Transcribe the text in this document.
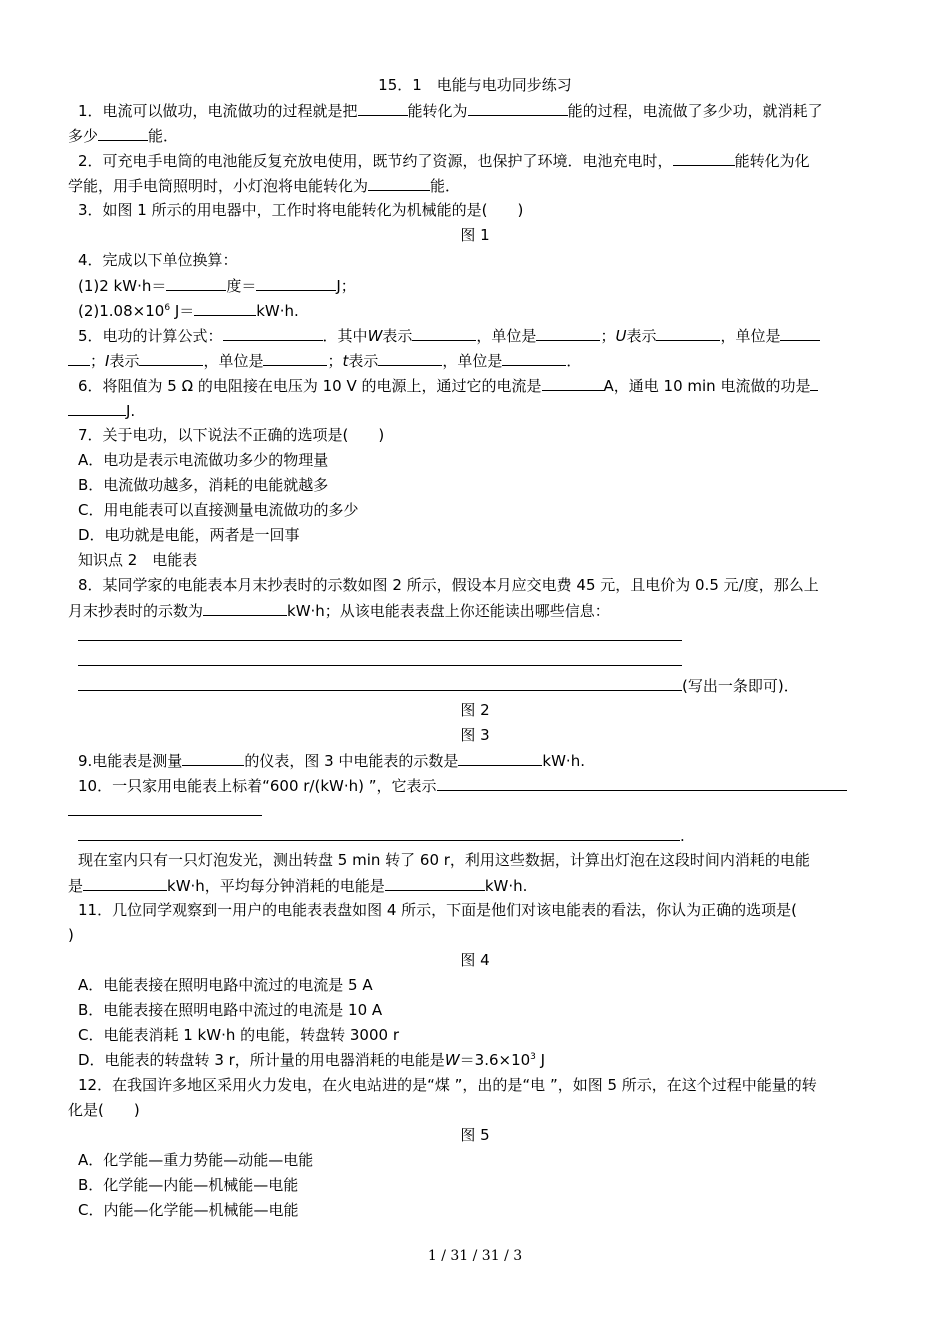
15．1　电能与电功同步练习
1．电流可以做功，电流做功的过程就是把	能转化为	能的过程，电流做了多少功，就消耗了
多少	能．
2．可充电手电筒的电池能反复充放电使用，既节约了资源，也保护了环境．电池充电时，	能转化为化
学能，用手电筒照明时，小灯泡将电能转化为	能．
3．如图 1 所示的用电器中，工作时将电能转化为机械能的是(　　)
图 1
4．完成以下单位换算：
(1)2 kW·h＝	度＝	J；
$(2)1.08\times 10^6$ J＝	kW·h.
5．电功的计算公式：	．其中W表示	，单位是	；U表示	，单位是
；I表示	，单位是	；t表示	，单位是	．
6．将阻值为 5 Ω 的电阻接在电压为 10 V 的电源上，通过它的电流是	A，通电 10 min 电流做的功是
J.
7．关于电功，以下说法不正确的选项是(　　)
A．电功是表示电流做功多少的物理量
B．电流做功越多，消耗的电能就越多
C．用电能表可以直接测量电流做功的多少
D．电功就是电能，两者是一回事
知识点 2　电能表
8．某同学家的电能表本月末抄表时的示数如图 2 所示，假设本月应交电费 45 元，且电价为 0.5 元/度，那么上
月末抄表时的示数为	kW·h；从该电能表表盘上你还能读出哪些信息：
(写出一条即可)．
图 2
图 3
9.电能表是测量	的仪表，图 3 中电能表的示数是	kW·h.
10．一只家用电能表上标着“600 r/(kW·h) ”，它表示
.
现在室内只有一只灯泡发光，测出转盘 5 min 转了 60 r，利用这些数据，计算出灯泡在这段时间内消耗的电能
是	kW·h，平均每分钟消耗的电能是	kW·h.
11．几位同学观察到一用户的电能表表盘如图 4 所示，下面是他们对该电能表的看法，你认为正确的选项是(
)
图 4
A．电能表接在照明电路中流过的电流是 5 A
B．电能表接在照明电路中流过的电流是 10 A
C．电能表消耗 1 kW·h 的电能，转盘转 3000 r
D．电能表的转盘转 3 r，所计量的用电器消耗的电能是$W=3.6\times 10^3$ J
12．在我国许多地区采用火力发电，在火电站进的是“煤 ”，出的是“电 ”，如图 5 所示，在这个过程中能量的转
化是(　　)
图 5
A．化学能—重力势能—动能—电能
B．化学能—内能—机械能—电能
C．内能—化学能—机械能—电能
1 / 31 / 31 / 3
